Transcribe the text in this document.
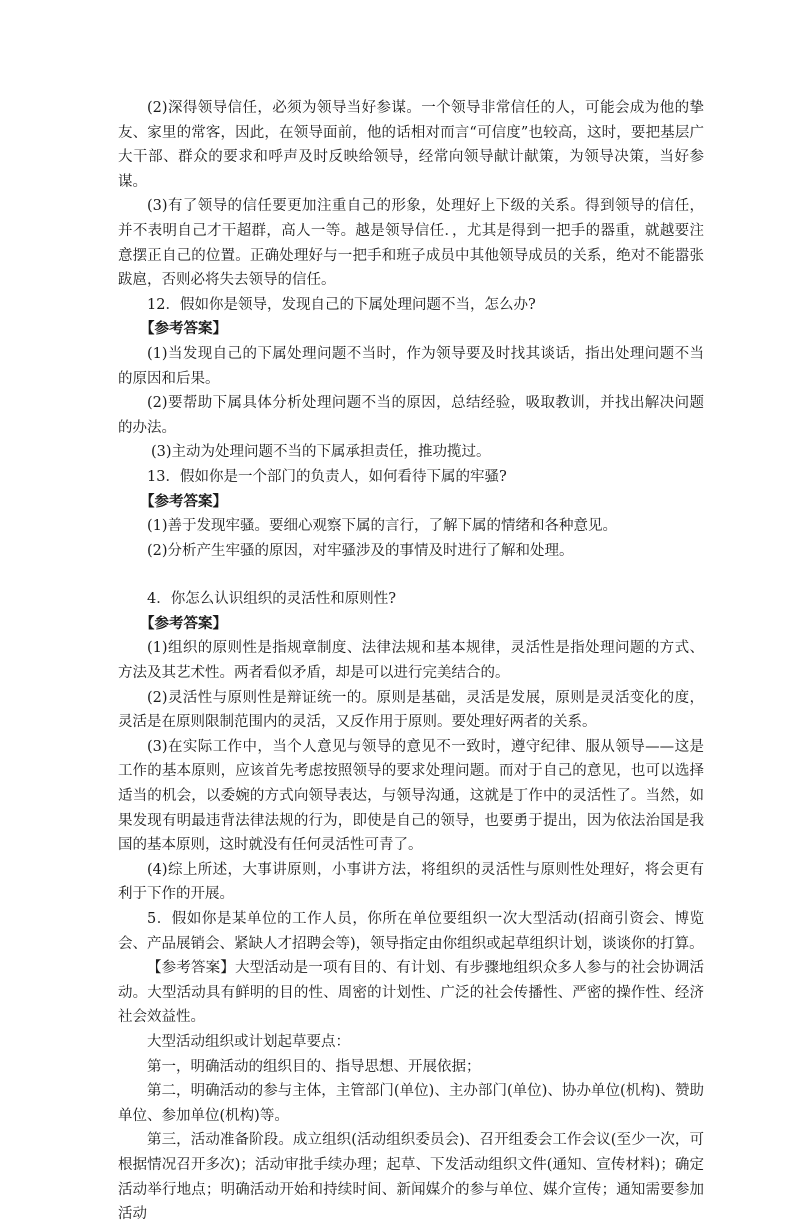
(2)深得领导信任，必须为领导当好参谋。一个领导非常信任的人，可能会成为他的挚友、家里的常客，因此，在领导面前，他的话相对而言“可信度”也较高，这时，要把基层广大干部、群众的要求和呼声及时反映给领导，经常向领导献计献策，为领导决策，当好参谋。

(3)有了领导的信任要更加注重自己的形象，处理好上下级的关系。得到领导的信任，并不表明自己才干超群，高人一等。越是领导信任．，尤其是得到一把手的器重，就越要注意摆正自己的位置。正确处理好与一把手和班子成员中其他领导成员的关系，绝对不能嚣张跋扈，否则必将失去领导的信任。

12．假如你是领导，发现自己的下属处理问题不当，怎么办?

【参考答案】

(1)当发现自己的下属处理问题不当时，作为领导要及时找其谈话，指出处理问题不当的原因和后果。

(2)要帮助下属具体分析处理问题不当的原因，总结经验，吸取教训，并找出解决问题的办法。

(3)主动为处理问题不当的下属承担责任，推功揽过。

13．假如你是一个部门的负责人，如何看待下属的牢骚?

【参考答案】

(1)善于发现牢骚。要细心观察下属的言行，了解下属的情绪和各种意见。

(2)分析产生牢骚的原因，对牢骚涉及的事情及时进行了解和处理。

4．你怎么认识组织的灵活性和原则性?

【参考答案】

(1)组织的原则性是指规章制度、法律法规和基本规律，灵活性是指处理问题的方式、方法及其艺术性。两者看似矛盾，却是可以进行完美结合的。

(2)灵活性与原则性是辩证统一的。原则是基础，灵活是发展，原则是灵活变化的度，灵活是在原则限制范围内的灵活，又反作用于原则。要处理好两者的关系。

(3)在实际工作中，当个人意见与领导的意见不一致时，遵守纪律、服从领导——这是工作的基本原则，应该首先考虑按照领导的要求处理问题。而对于自己的意见，也可以选择适当的机会，以委婉的方式向领导表达，与领导沟通，这就是丁作中的灵活性了。当然，如果发现有明最违背法律法规的行为，即使是自己的领导，也要勇于提出，因为依法治国是我国的基本原则，这时就没有任何灵活性可青了。

(4)综上所述，大事讲原则，小事讲方法，将组织的灵活性与原则性处理好，将会更有利于下作的开展。

5．假如你是某单位的工作人员，你所在单位要组织一次大型活动(招商引资会、博览会、产品展销会、紧缺人才招聘会等)，领导指定由你组织或起草组织计划，谈谈你的打算。

【参考答案】大型活动是一项有目的、有计划、有步骤地组织众多人参与的社会协调活动。大型活动具有鲜明的目的性、周密的计划性、广泛的社会传播性、严密的操作性、经济社会效益性。

大型活动组织或计划起草要点：

第一，明确活动的组织目的、指导思想、开展依据；

第二，明确活动的参与主体，主管部门(单位)、主办部门(单位)、协办单位(机构)、赞助单位、参加单位(机构)等。

第三，活动准备阶段。成立组织(活动组织委员会)、召开组委会工作会议(至少一次，可根据情况召开多次)；活动审批手续办理；起草、下发活动组织文件(通知、宣传材料)；确定活动举行地点；明确活动开始和持续时间、新闻媒介的参与单位、媒介宣传；通知需要参加活动
